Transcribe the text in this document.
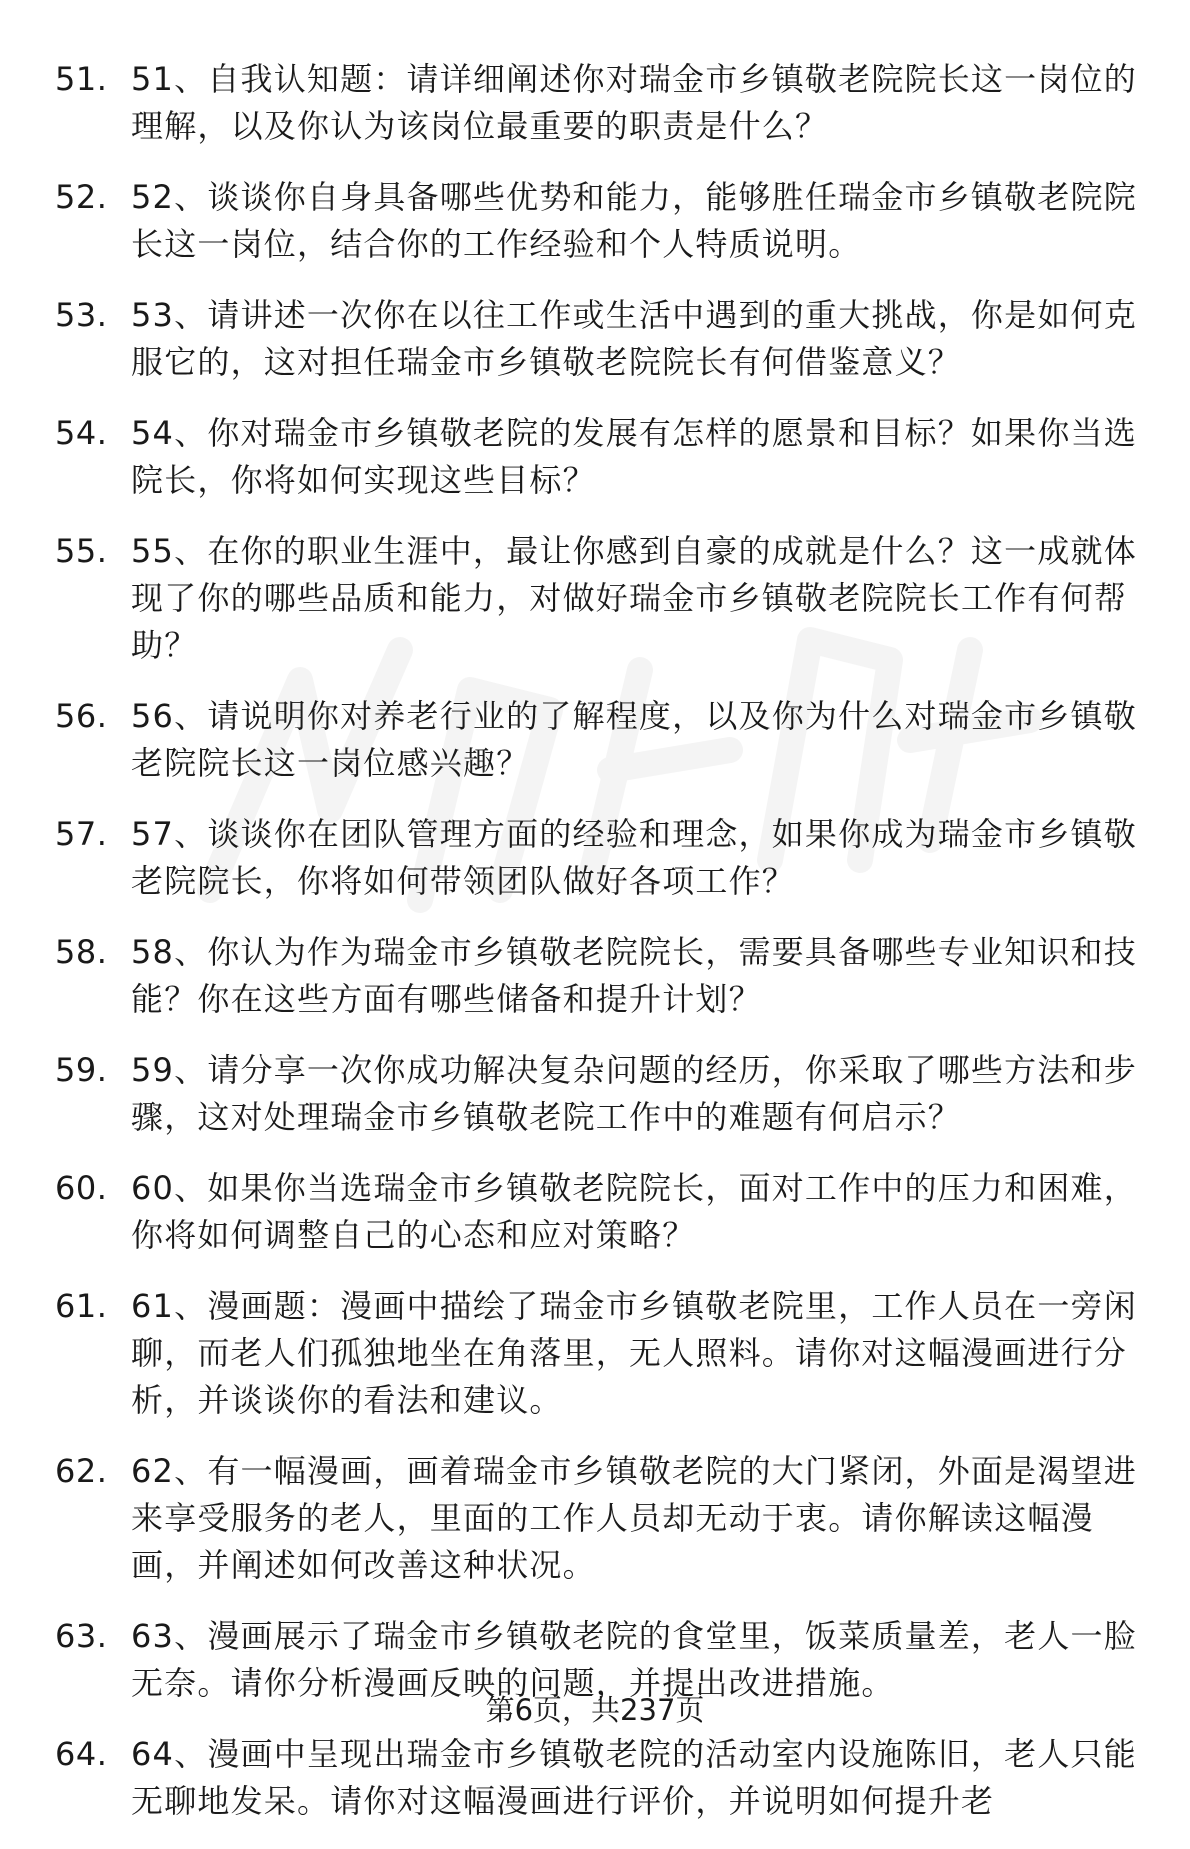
51. 51、自我认知题：请详细阐述你对瑞金市乡镇敬老院院长这一岗位的理解，以及你认为该岗位最重要的职责是什么？
52. 52、谈谈你自身具备哪些优势和能力，能够胜任瑞金市乡镇敬老院院长这一岗位，结合你的工作经验和个人特质说明。
53. 53、请讲述一次你在以往工作或生活中遇到的重大挑战，你是如何克服它的，这对担任瑞金市乡镇敬老院院长有何借鉴意义？
54. 54、你对瑞金市乡镇敬老院的发展有怎样的愿景和目标？如果你当选院长，你将如何实现这些目标？
55. 55、在你的职业生涯中，最让你感到自豪的成就是什么？这一成就体现了你的哪些品质和能力，对做好瑞金市乡镇敬老院院长工作有何帮助？
56. 56、请说明你对养老行业的了解程度，以及你为什么对瑞金市乡镇敬老院院长这一岗位感兴趣？
57. 57、谈谈你在团队管理方面的经验和理念，如果你成为瑞金市乡镇敬老院院长，你将如何带领团队做好各项工作？
58. 58、你认为作为瑞金市乡镇敬老院院长，需要具备哪些专业知识和技能？你在这些方面有哪些储备和提升计划？
59. 59、请分享一次你成功解决复杂问题的经历，你采取了哪些方法和步骤，这对处理瑞金市乡镇敬老院工作中的难题有何启示？
60. 60、如果你当选瑞金市乡镇敬老院院长，面对工作中的压力和困难，你将如何调整自己的心态和应对策略？
61. 61、漫画题：漫画中描绘了瑞金市乡镇敬老院里，工作人员在一旁闲聊，而老人们孤独地坐在角落里，无人照料。请你对这幅漫画进行分析，并谈谈你的看法和建议。
62. 62、有一幅漫画，画着瑞金市乡镇敬老院的大门紧闭，外面是渴望进来享受服务的老人，里面的工作人员却无动于衷。请你解读这幅漫画，并阐述如何改善这种状况。
63. 63、漫画展示了瑞金市乡镇敬老院的食堂里，饭菜质量差，老人一脸无奈。请你分析漫画反映的问题，并提出改进措施。
64. 64、漫画中呈现出瑞金市乡镇敬老院的活动室内设施陈旧，老人只能无聊地发呆。请你对这幅漫画进行评价，并说明如何提升老
第6页，共237页
